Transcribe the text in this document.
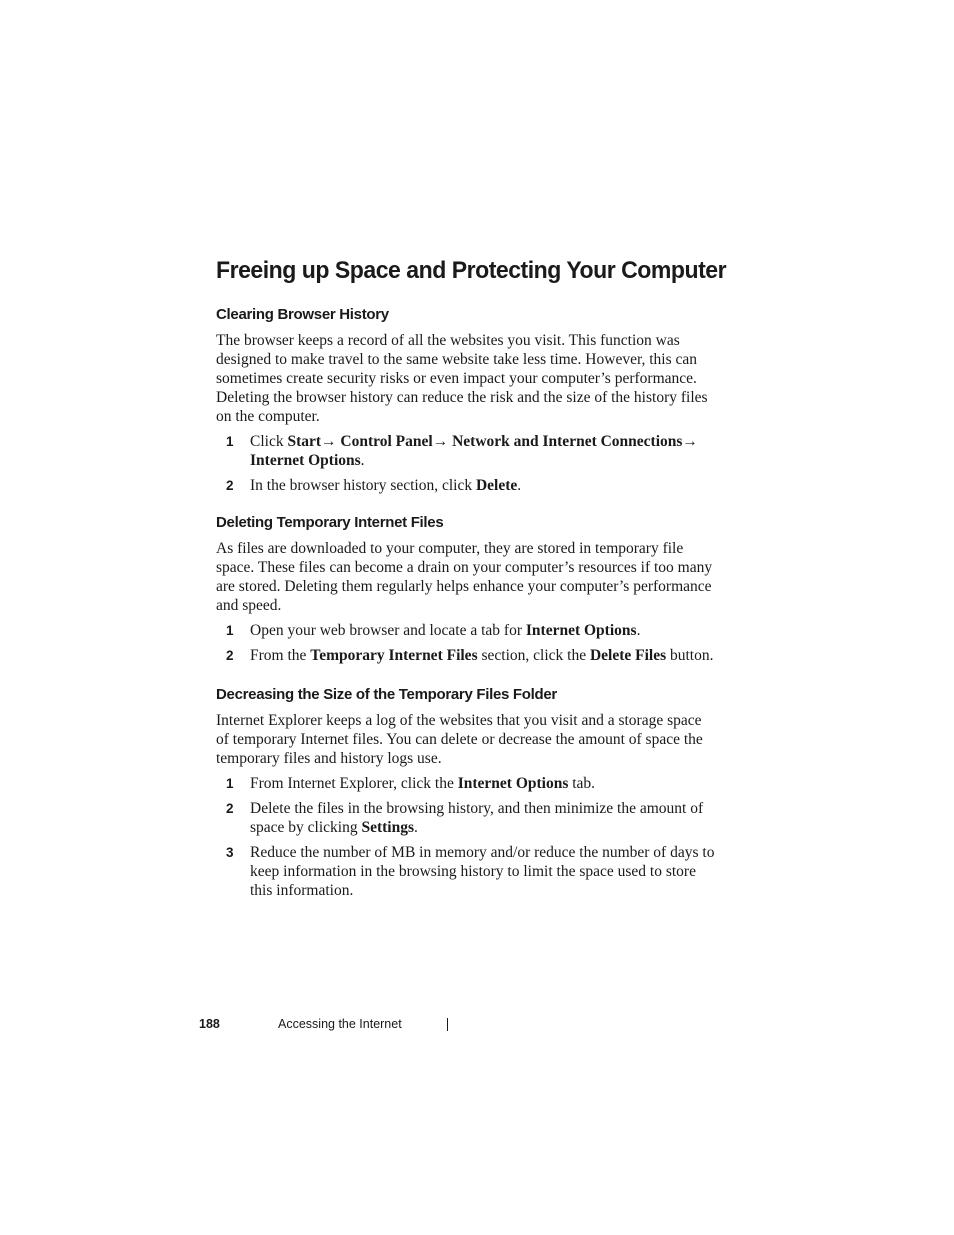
Freeing up Space and Protecting Your Computer
Clearing Browser History

The browser keeps a record of all the websites you visit. This function was designed to make travel to the same website take less time. However, this can sometimes create security risks or even impact your computer’s performance. Deleting the browser history can reduce the risk and the size of the history files on the computer.

1 Click Start→ Control Panel→ Network and Internet Connections→ Internet Options.
2 In the browser history section, click Delete.
Deleting Temporary Internet Files

As files are downloaded to your computer, they are stored in temporary file space. These files can become a drain on your computer’s resources if too many are stored. Deleting them regularly helps enhance your computer’s performance and speed.

1 Open your web browser and locate a tab for Internet Options.
2 From the Temporary Internet Files section, click the Delete Files button.
Decreasing the Size of the Temporary Files Folder

Internet Explorer keeps a log of the websites that you visit and a storage space of temporary Internet files. You can delete or decrease the amount of space the temporary files and history logs use.

1 From Internet Explorer, click the Internet Options tab.
2 Delete the files in the browsing history, and then minimize the amount of space by clicking Settings.
3 Reduce the number of MB in memory and/or reduce the number of days to keep information in the browsing history to limit the space used to store this information.
188	Accessing the Internet
